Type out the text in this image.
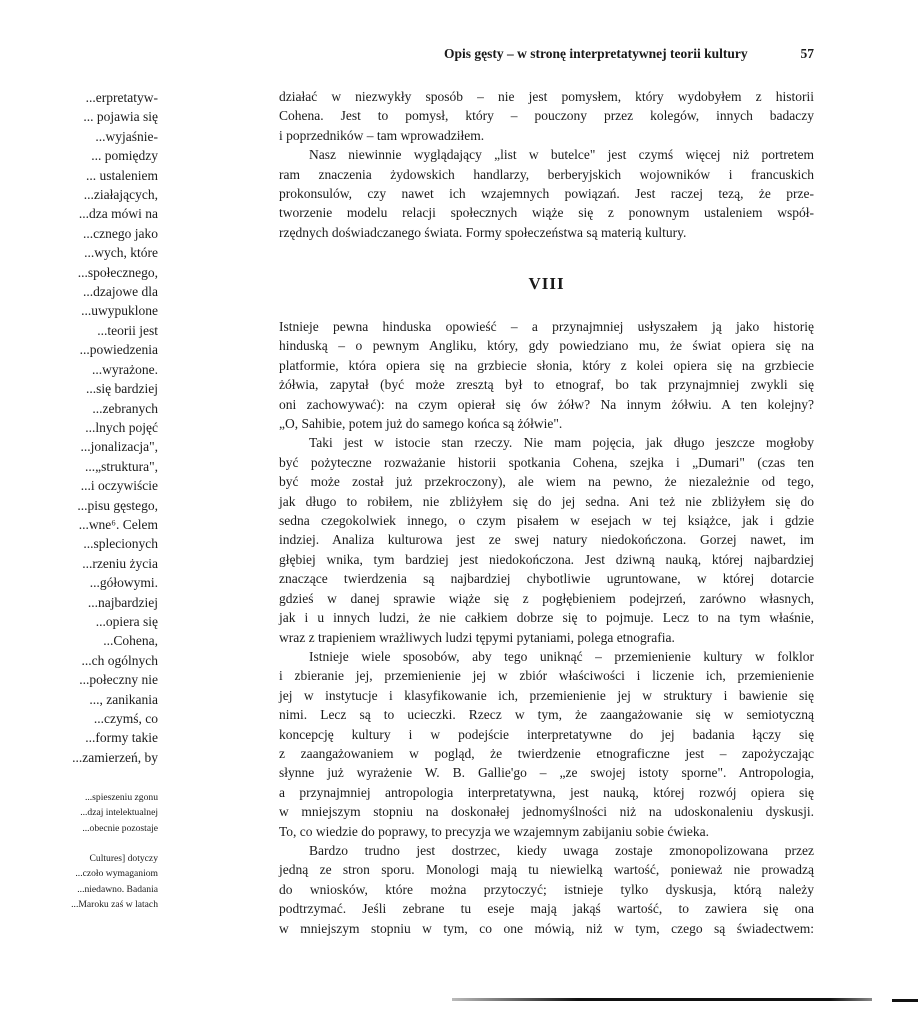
Opis gęsty – w stronę interpretatywnej teorii kultury	57
...erpretatyw-
... pojawia się
...wyjaśnie-
... pomiędzy
... ustaleniem
...ziałających,
...dza mówi na
...cznego jako
...wych, które
...społecznego,
...dzajowe dla
...uwypuklone
...teorii jest
...powiedzenia
...wyrażone.
...się bardziej
...zebranych
...lnych pojęć
...jonalizacja",
...„struktura",
...i oczywiście
...pisu gęstego,
...wne⁶. Celem
...splecionych
...rzeniu życia
...gółowymi.
...najbardziej
...opiera się
...Cohena,
...ch ogólnych
...połeczny nie
..., zanikania
...czymś, co
...formy takie
...zamierzeń, by
...spieszeniu zgonu
...dzaj intelektualnej
...obecnie pozostaje

Cultures] dotyczy
...czoło wymaganiom
...niedawno. Badania
...Maroku zaś w latach
działać w niezwykły sposób – nie jest pomysłem, który wydobyłem z historii
Cohena. Jest to pomysł, który – pouczony przez kolegów, innych badaczy
i poprzedników – tam wprowadziłem.
Nasz niewinnie wyglądający „list w butelce" jest czymś więcej niż portretem
ram znaczenia żydowskich handlarzy, berberyjskich wojowników i francuskich
prokonsulów, czy nawet ich wzajemnych powiązań. Jest raczej tezą, że prze-
tworzenie modelu relacji społecznych wiąże się z ponownym ustaleniem współ-
rzędnych doświadczanego świata. Formy społeczeństwa są materią kultury.
VIII
Istnieje pewna hinduska opowieść – a przynajmniej usłyszałem ją jako historię
hinduską – o pewnym Angliku, który, gdy powiedziano mu, że świat opiera się na
platformie, która opiera się na grzbiecie słonia, który z kolei opiera się na grzbiecie
żółwia, zapytał (być może zresztą był to etnograf, bo tak przynajmniej zwykli się
oni zachowywać): na czym opierał się ów żółw? Na innym żółwiu. A ten kolejny?
„O, Sahibie, potem już do samego końca są żółwie".
Taki jest w istocie stan rzeczy. Nie mam pojęcia, jak długo jeszcze mogłoby
być pożyteczne rozważanie historii spotkania Cohena, szejka i „Dumari" (czas ten
być może został już przekroczony), ale wiem na pewno, że niezależnie od tego,
jak długo to robiłem, nie zbliżyłem się do jej sedna. Ani też nie zbliżyłem się do
sedna czegokolwiek innego, o czym pisałem w esejach w tej książce, jak i gdzie
indziej. Analiza kulturowa jest ze swej natury niedokończona. Gorzej nawet, im
głębiej wnika, tym bardziej jest niedokończona. Jest dziwną nauką, której najbardziej
znaczące twierdzenia są najbardziej chybotliwie ugruntowane, w której dotarcie
gdzieś w danej sprawie wiąże się z pogłębieniem podejrzeń, zarówno własnych,
jak i u innych ludzi, że nie całkiem dobrze się to pojmuje. Lecz to na tym właśnie,
wraz z trapieniem wrażliwych ludzi tępymi pytaniami, polega etnografia.
Istnieje wiele sposobów, aby tego uniknąć – przemienienie kultury w folklor
i zbieranie jej, przemienienie jej w zbiór właściwości i liczenie ich, przemienienie
jej w instytucje i klasyfikowanie ich, przemienienie jej w struktury i bawienie się
nimi. Lecz są to ucieczki. Rzecz w tym, że zaangażowanie się w semiotyczną
koncepcję kultury i w podejście interpretatywne do jej badania łączy się
z zaangażowaniem w pogląd, że twierdzenie etnograficzne jest – zapożyczając
słynne już wyrażenie W. B. Gallie'go – „ze swojej istoty sporne". Antropologia,
a przynajmniej antropologia interpretatywna, jest nauką, której rozwój opiera się
w mniejszym stopniu na doskonałej jednomyślności niż na udoskonaleniu dyskusji.
To, co wiedzie do poprawy, to precyzja we wzajemnym zabijaniu sobie ćwieka.
Bardzo trudno jest dostrzec, kiedy uwaga zostaje zmonopolizowana przez
jedną ze stron sporu. Monologi mają tu niewielką wartość, ponieważ nie prowadzą
do wniosków, które można przytoczyć; istnieje tylko dyskusja, którą należy
podtrzymać. Jeśli zebrane tu eseje mają jakąś wartość, to zawiera się ona
w mniejszym stopniu w tym, co one mówią, niż w tym, czego są świadectwem:
